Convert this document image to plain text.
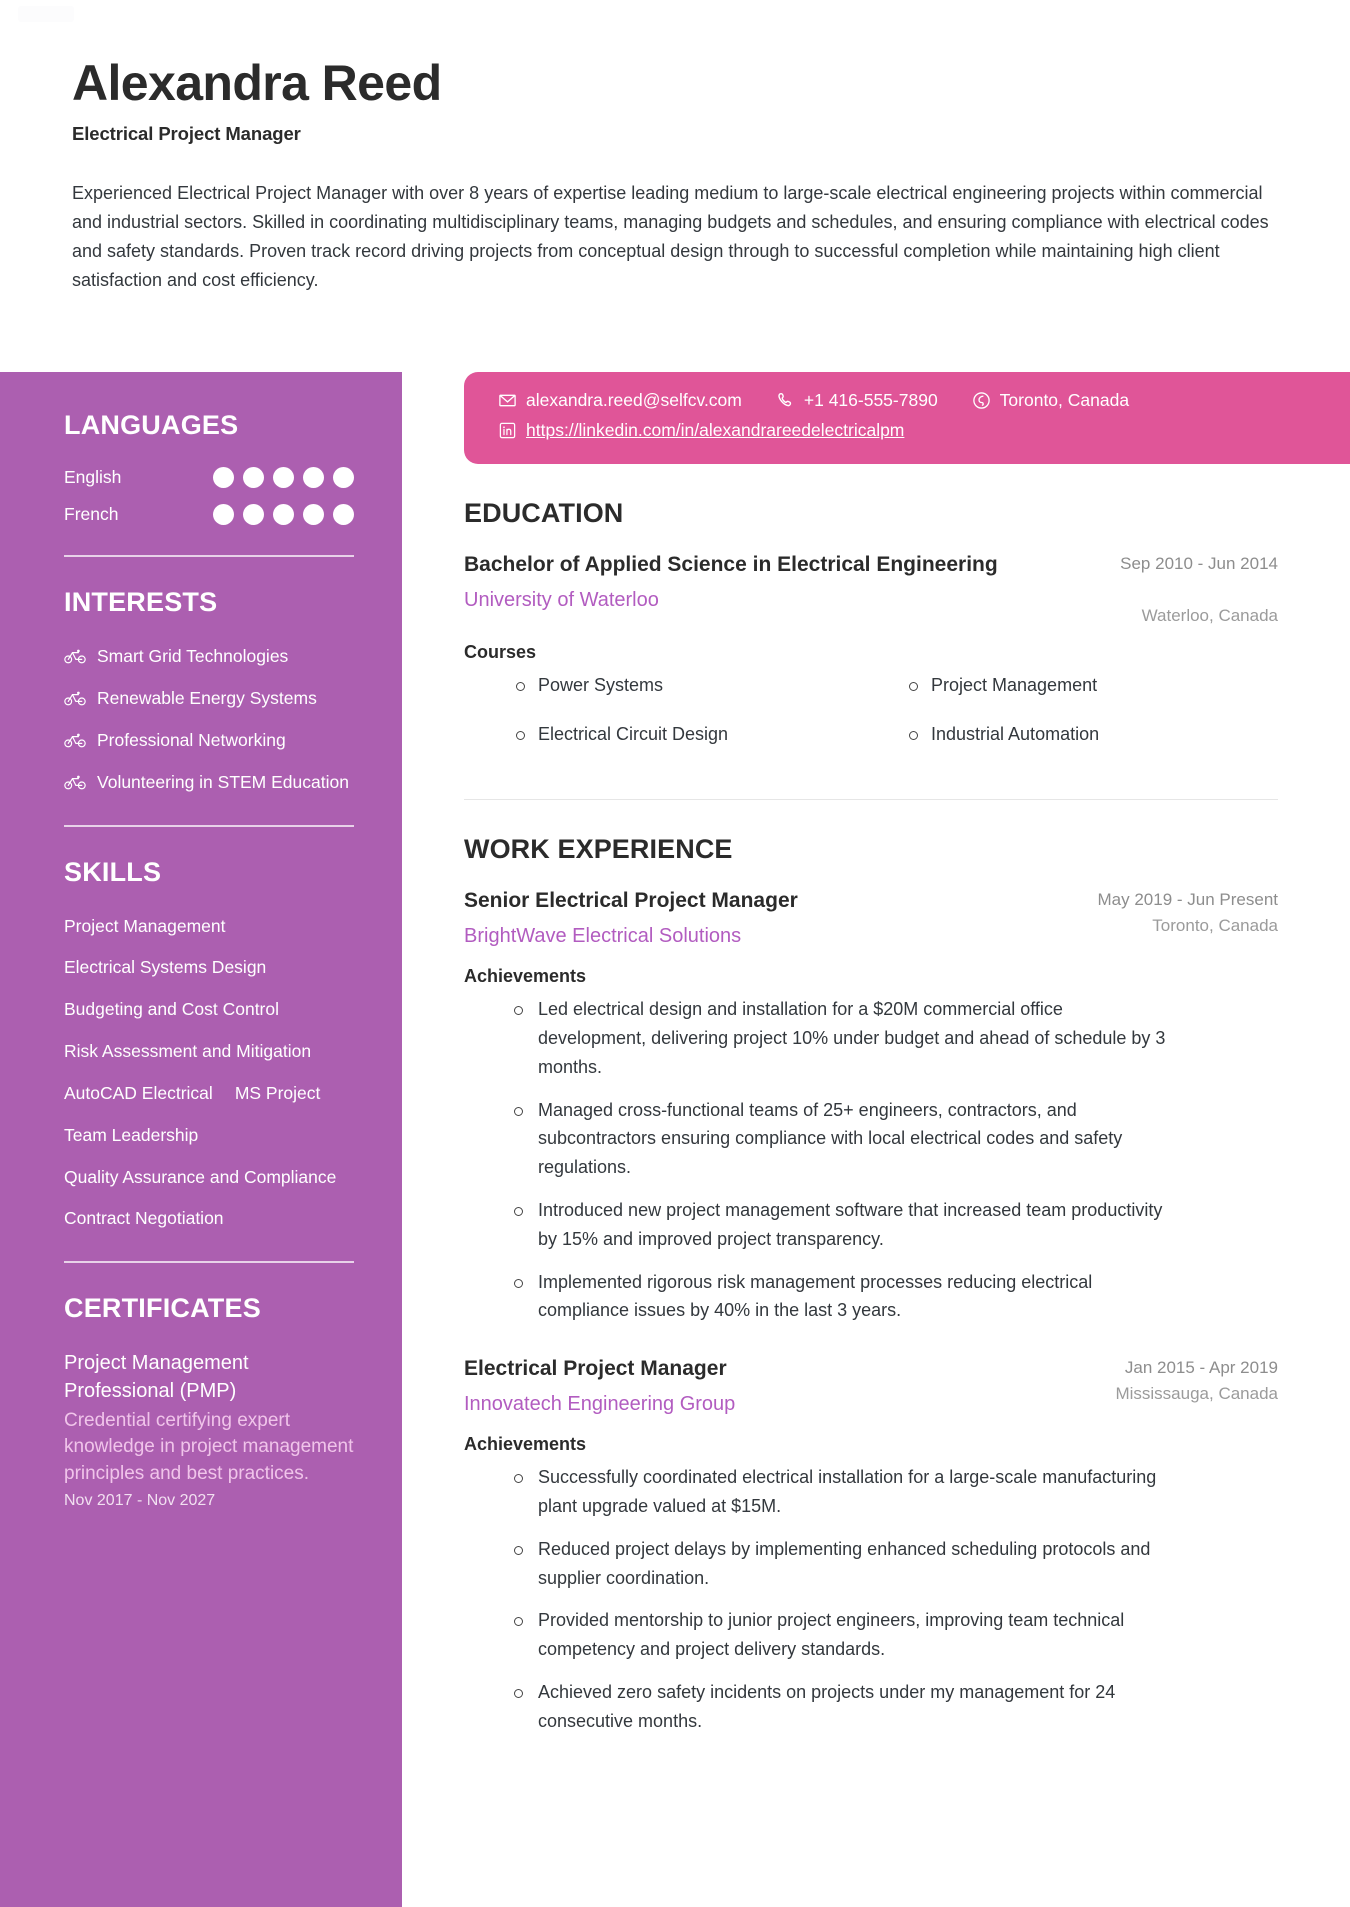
Alexandra Reed
Electrical Project Manager
Experienced Electrical Project Manager with over 8 years of expertise leading medium to large-scale electrical engineering projects within commercial and industrial sectors. Skilled in coordinating multidisciplinary teams, managing budgets and schedules, and ensuring compliance with electrical codes and safety standards. Proven track record driving projects from conceptual design through to successful completion while maintaining high client satisfaction and cost efficiency.
LANGUAGES
English
French
INTERESTS
Smart Grid Technologies
Renewable Energy Systems
Professional Networking
Volunteering in STEM Education
SKILLS
Project Management
Electrical Systems Design
Budgeting and Cost Control
Risk Assessment and Mitigation
AutoCAD Electrical MS Project
Team Leadership
Quality Assurance and Compliance
Contract Negotiation
CERTIFICATES
Project Management Professional (PMP)
Credential certifying expert knowledge in project management principles and best practices.
Nov 2017 - Nov 2027
alexandra.reed@selfcv.com	+1 416-555-7890	Toronto, Canada
https://linkedin.com/in/alexandrareedelectricalpm
EDUCATION
Bachelor of Applied Science in Electrical Engineering
University of Waterloo
Sep 2010 - Jun 2014
Waterloo, Canada
Courses
Power Systems	Project Management
Electrical Circuit Design	Industrial Automation
WORK EXPERIENCE
Senior Electrical Project Manager
BrightWave Electrical Solutions
May 2019 - Jun Present
Toronto, Canada
Achievements
Led electrical design and installation for a $20M commercial office development, delivering project 10% under budget and ahead of schedule by 3 months.
Managed cross-functional teams of 25+ engineers, contractors, and subcontractors ensuring compliance with local electrical codes and safety regulations.
Introduced new project management software that increased team productivity by 15% and improved project transparency.
Implemented rigorous risk management processes reducing electrical compliance issues by 40% in the last 3 years.
Electrical Project Manager
Innovatech Engineering Group
Jan 2015 - Apr 2019
Mississauga, Canada
Achievements
Successfully coordinated electrical installation for a large-scale manufacturing plant upgrade valued at $15M.
Reduced project delays by implementing enhanced scheduling protocols and supplier coordination.
Provided mentorship to junior project engineers, improving team technical competency and project delivery standards.
Achieved zero safety incidents on projects under my management for 24 consecutive months.
